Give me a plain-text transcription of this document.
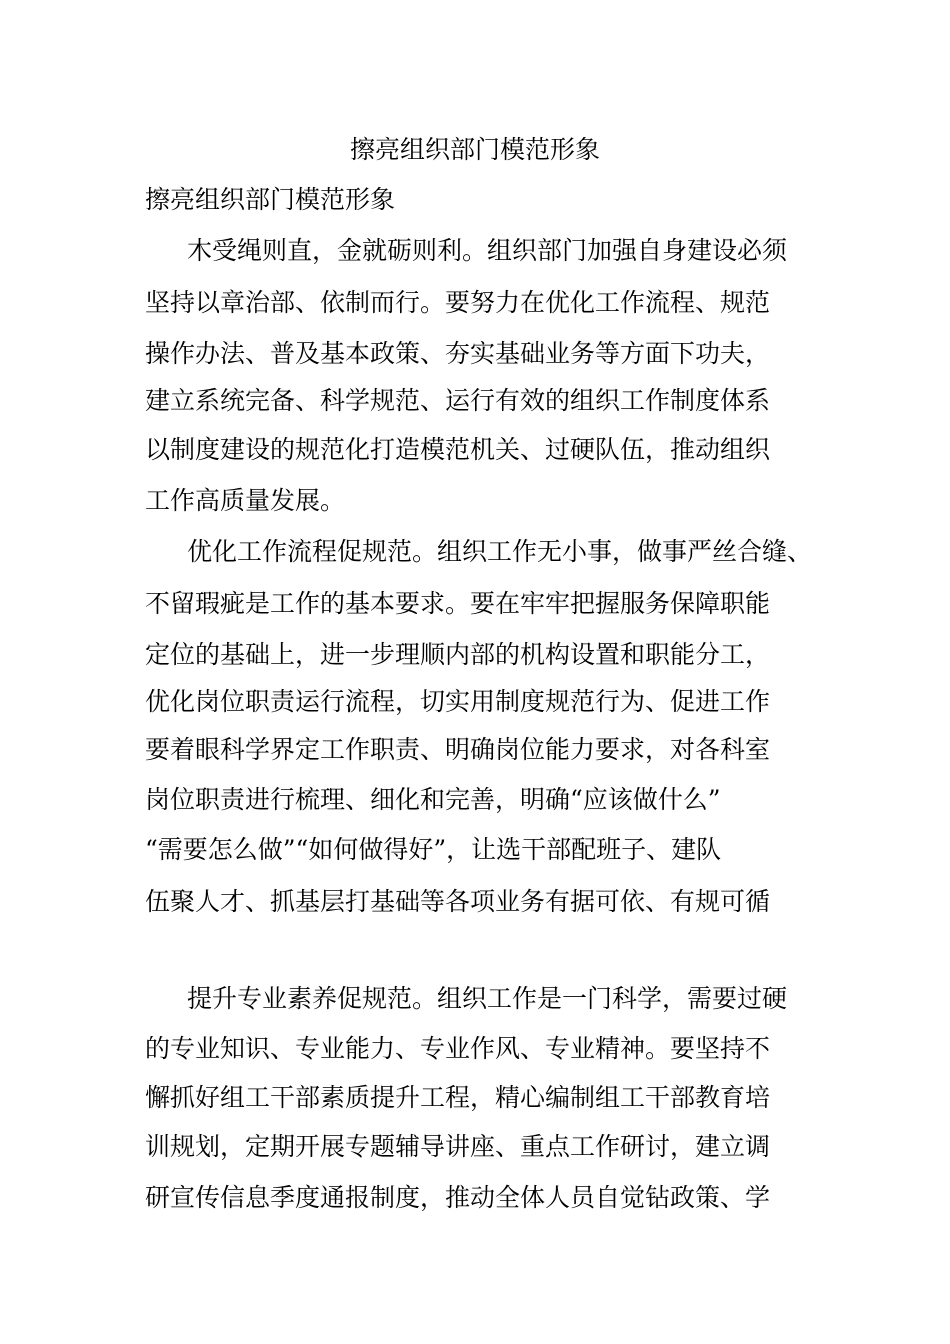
擦亮组织部门模范形象
擦亮组织部门模范形象
木受绳则直，金就砺则利。组织部门加强自身建设必须
坚持以章治部、依制而行。要努力在优化工作流程、规范
操作办法、普及基本政策、夯实基础业务等方面下功夫，
建立系统完备、科学规范、运行有效的组织工作制度体系
以制度建设的规范化打造模范机关、过硬队伍，推动组织
工作高质量发展。
优化工作流程促规范。组织工作无小事，做事严丝合缝、
不留瑕疵是工作的基本要求。要在牢牢把握服务保障职能
定位的基础上，进一步理顺内部的机构设置和职能分工，
优化岗位职责运行流程，切实用制度规范行为、促进工作
要着眼科学界定工作职责、明确岗位能力要求，对各科室
岗位职责进行梳理、细化和完善，明确“应该做什么”
“需要怎么做”“如何做得好”，让选干部配班子、建队
伍聚人才、抓基层打基础等各项业务有据可依、有规可循
提升专业素养促规范。组织工作是一门科学，需要过硬
的专业知识、专业能力、专业作风、专业精神。要坚持不
懈抓好组工干部素质提升工程，精心编制组工干部教育培
训规划，定期开展专题辅导讲座、重点工作研讨，建立调
研宣传信息季度通报制度，推动全体人员自觉钻政策、学
